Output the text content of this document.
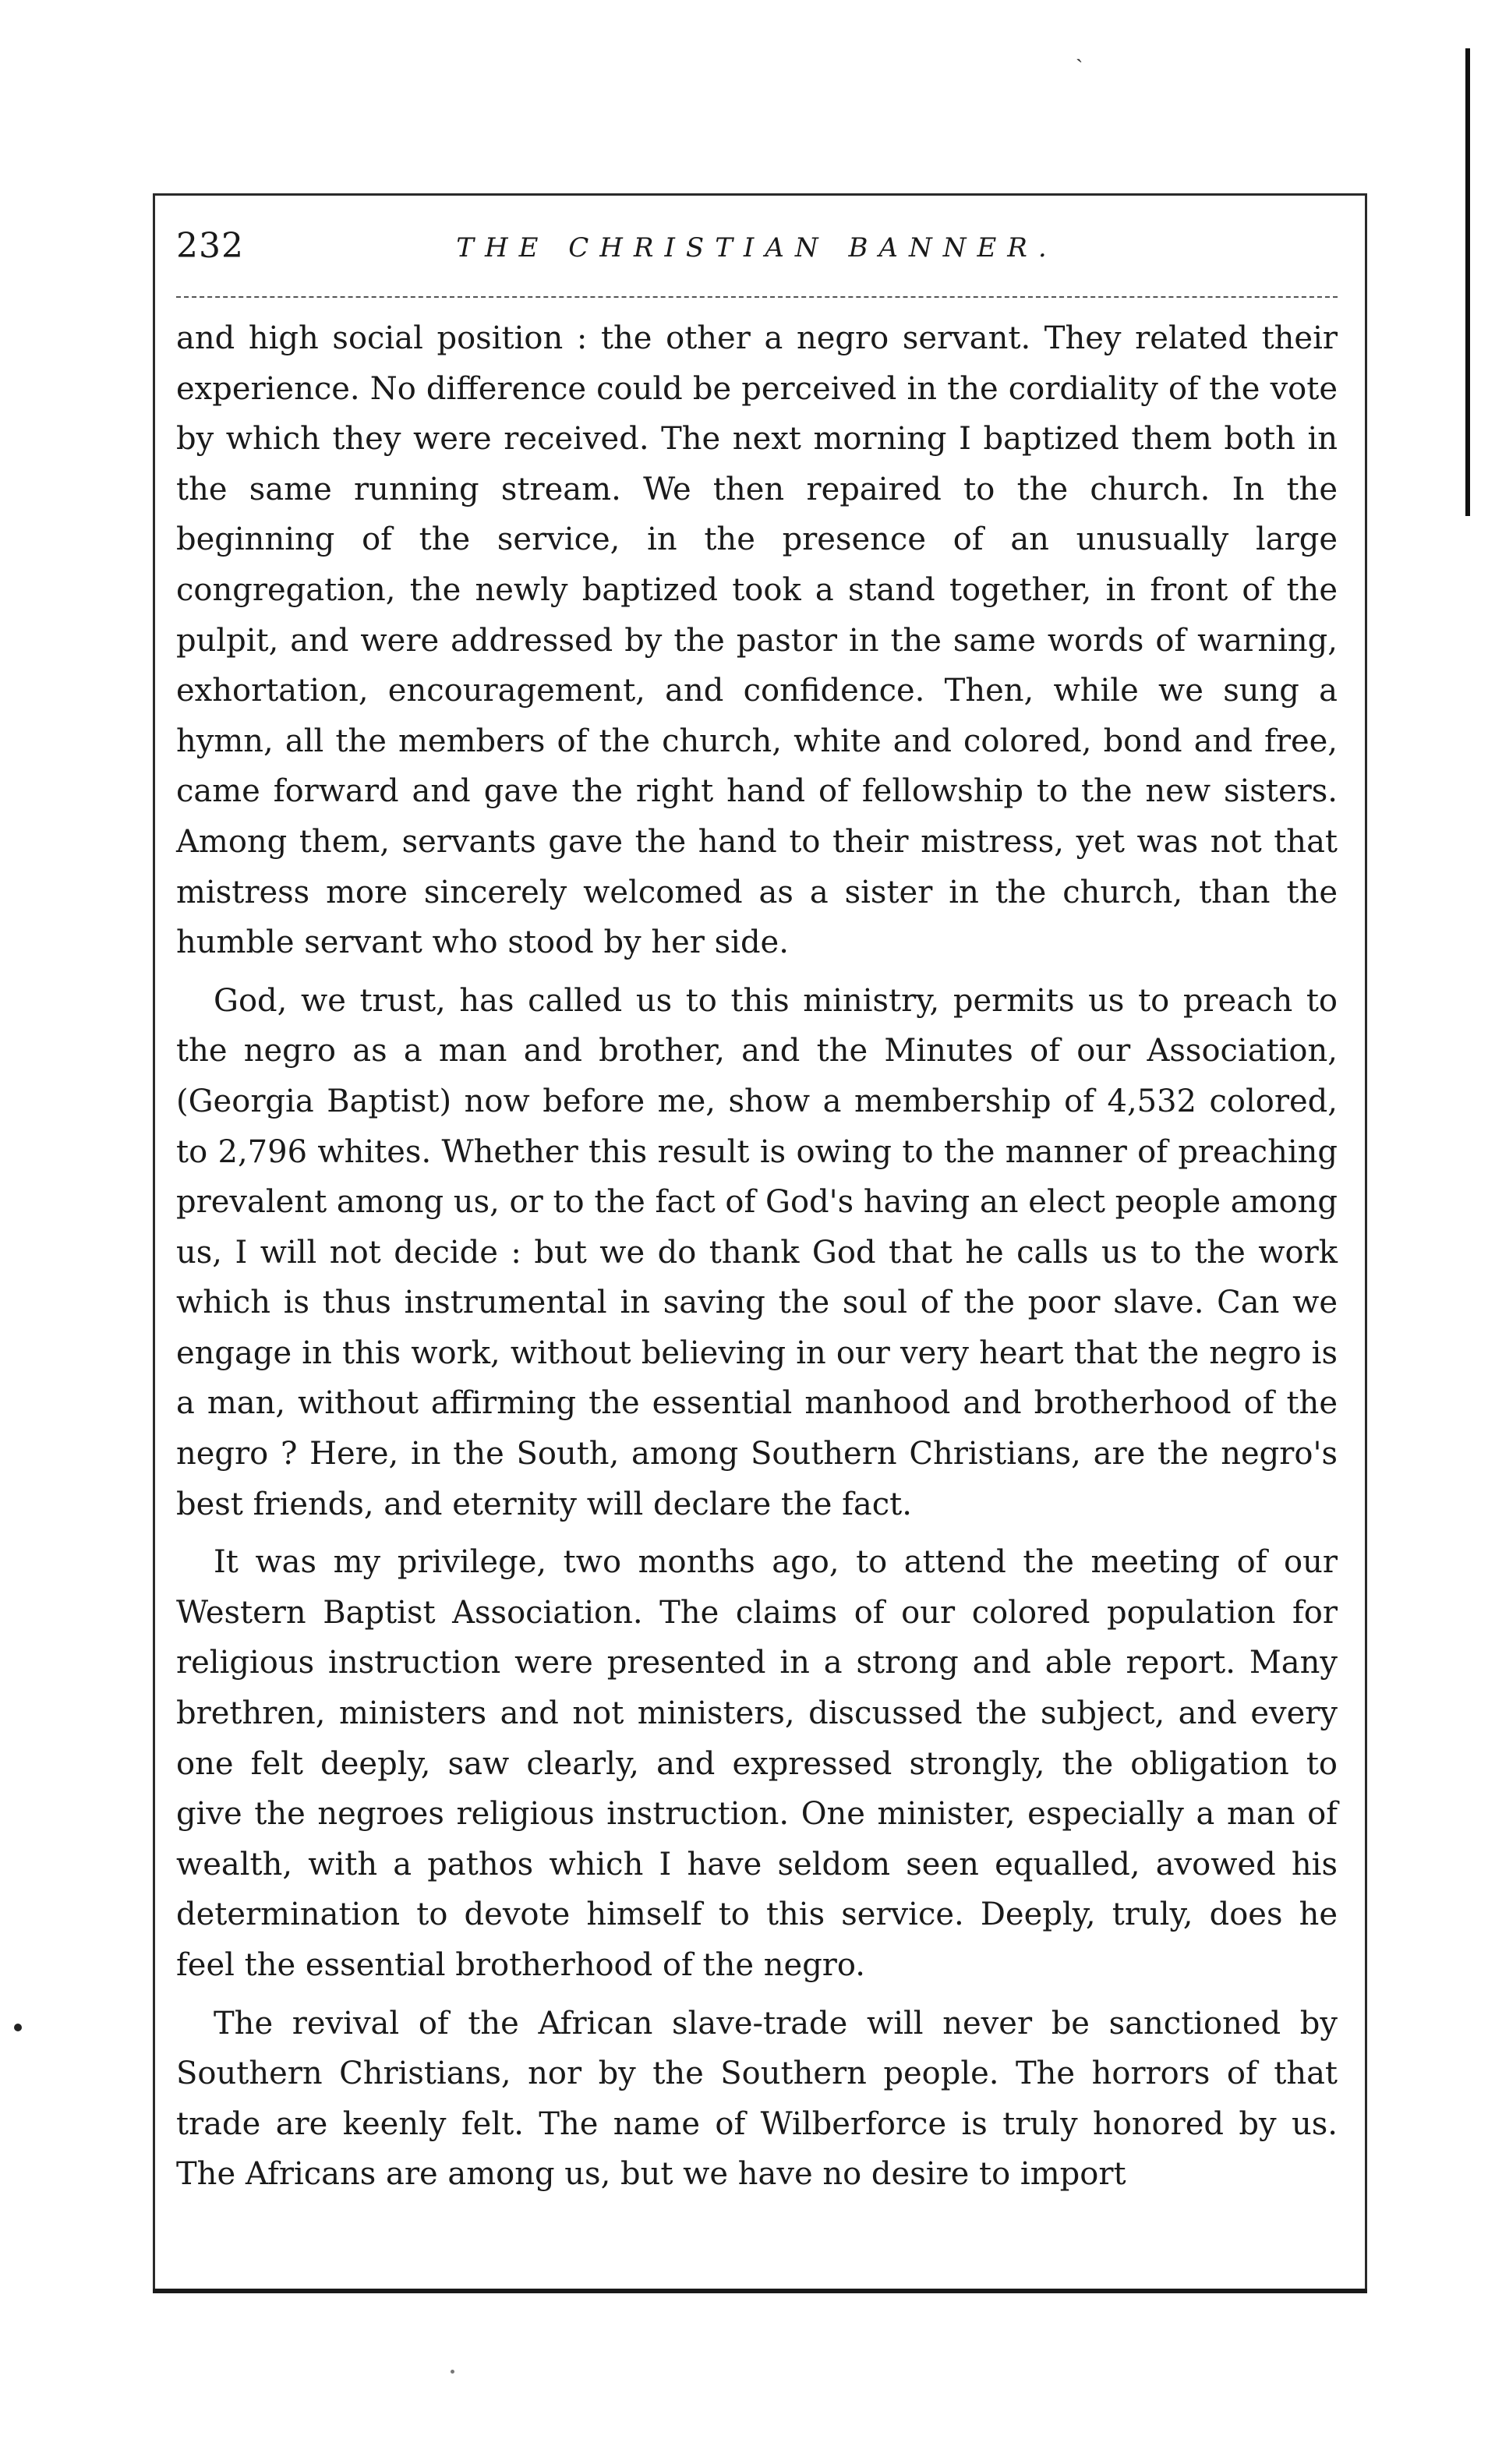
ˏ
232	THE CHRISTIAN BANNER.

and high social position : the other a negro servant. They related their experience. No difference could be perceived in the cordiality of the vote by which they were received. The next morning I baptized them both in the same running stream. We then repaired to the church. In the beginning of the service, in the presence of an unusually large congregation, the newly baptized took a stand together, in front of the pulpit, and were addressed by the pastor in the same words of warning, exhortation, encouragement, and confidence. Then, while we sung a hymn, all the members of the church, white and colored, bond and free, came forward and gave the right hand of fellowship to the new sisters. Among them, servants gave the hand to their mistress, yet was not that mistress more sincerely welcomed as a sister in the church, than the humble servant who stood by her side.

God, we trust, has called us to this ministry, permits us to preach to the negro as a man and brother, and the Minutes of our Association, (Georgia Baptist) now before me, show a membership of 4,532 colored, to 2,796 whites. Whether this result is owing to the manner of preaching prevalent among us, or to the fact of God's having an elect people among us, I will not decide : but we do thank God that he calls us to the work which is thus instrumental in saving the soul of the poor slave. Can we engage in this work, without believing in our very heart that the negro is a man, without affirming the essential manhood and brotherhood of the negro ? Here, in the South, among Southern Christians, are the negro's best friends, and eternity will declare the fact.

It was my privilege, two months ago, to attend the meeting of our Western Baptist Association. The claims of our colored population for religious instruction were presented in a strong and able report. Many brethren, ministers and not ministers, discussed the subject, and every one felt deeply, saw clearly, and expressed strongly, the obligation to give the negroes religious instruction. One minister, especially a man of wealth, with a pathos which I have seldom seen equalled, avowed his determination to devote himself to this service. Deeply, truly, does he feel the essential brotherhood of the negro.

The revival of the African slave-trade will never be sanctioned by Southern Christians, nor by the Southern people. The horrors of that trade are keenly felt. The name of Wilberforce is truly honored by us. The Africans are among us, but we have no desire to import
